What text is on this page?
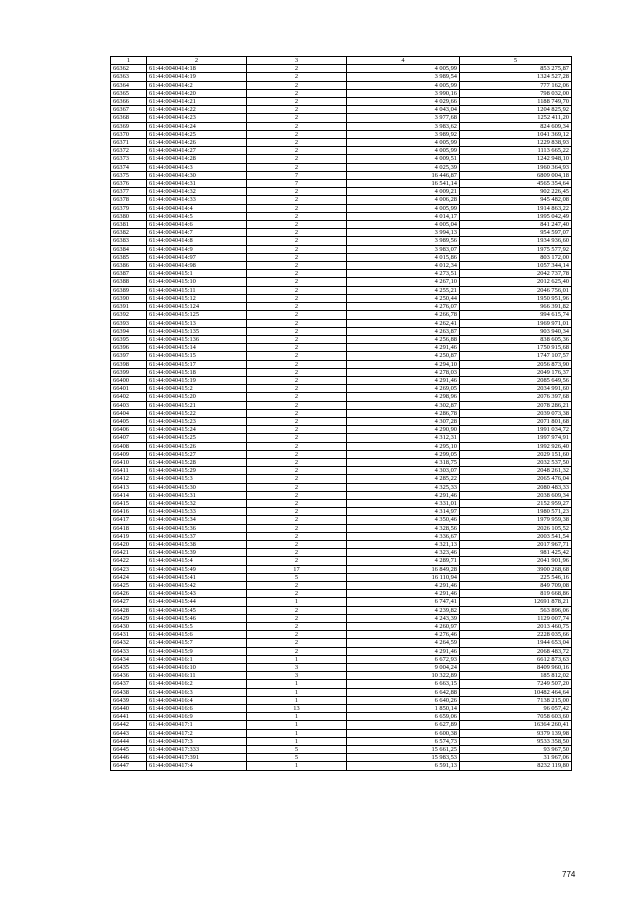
1	2	3	4	5
66362	61:44:0040414:18	2	4 005,99	853 275,87
66363	61:44:0040414:19	2	3 989,54	1324 527,28
66364	61:44:0040414:2	2	4 005,99	777 162,06
66365	61:44:0040414:20	2	3 990,16	798 032,00
66366	61:44:0040414:21	2	4 029,66	1188 749,70
66367	61:44:0040414:22	2	4 043,04	1204 825,92
66368	61:44:0040414:23	2	3 977,68	1252 411,20
66369	61:44:0040414:24	2	3 983,62	824 609,34
66370	61:44:0040414:25	2	3 989,92	1041 369,12
66371	61:44:0040414:26	2	4 005,99	1229 838,93
66372	61:44:0040414:27	2	4 005,99	1113 665,22
66373	61:44:0040414:28	2	4 009,51	1242 948,10
66374	61:44:0040414:3	2	4 025,39	1960 364,93
66375	61:44:0040414:30	7	16 446,87	6809 004,18
66376	61:44:0040414:31	7	16 541,14	4565 354,64
66377	61:44:0040414:32	2	4 009,21	902 226,45
66378	61:44:0040414:33	2	4 006,28	945 482,08
66379	61:44:0040414:4	2	4 005,99	1914 863,22
66380	61:44:0040414:5	2	4 014,17	1995 042,49
66381	61:44:0040414:6	2	4 005,04	841 247,40
66382	61:44:0040414:7	2	3 994,13	954 597,07
66383	61:44:0040414:8	2	3 989,56	1934 936,60
66384	61:44:0040414:9	2	3 983,07	1975 577,92
66385	61:44:0040414:97	2	4 015,86	803 172,00
66386	61:44:0040414:98	2	4 012,34	1057 344,14
66387	61:44:0040415:1	2	4 273,51	2042 737,78
66388	61:44:0040415:10	2	4 267,10	2012 625,40
66389	61:44:0040415:11	2	4 255,21	2046 756,01
66390	61:44:0040415:12	2	4 250,44	1950 951,96
66391	61:44:0040415:124	2	4 276,07	966 391,82
66392	61:44:0040415:125	2	4 266,78	994 615,74
66393	61:44:0040415:13	2	4 262,41	1969 971,01
66394	61:44:0040415:135	2	4 263,87	903 940,34
66395	61:44:0040415:136	2	4 256,88	838 605,36
66396	61:44:0040415:14	2	4 291,46	1750 915,68
66397	61:44:0040415:15	2	4 250,87	1747 107,57
66398	61:44:0040415:17	2	4 294,10	2056 873,90
66399	61:44:0040415:18	2	4 278,03	2049 176,37
66400	61:44:0040415:19	2	4 291,46	2085 649,56
66401	61:44:0040415:2	2	4 269,05	2034 991,60
66402	61:44:0040415:20	2	4 298,96	2076 397,68
66403	61:44:0040415:21	2	4 302,87	2078 286,21
66404	61:44:0040415:22	2	4 286,78	2039 073,38
66405	61:44:0040415:23	2	4 307,28	2071 801,68
66406	61:44:0040415:24	2	4 290,90	1991 034,72
66407	61:44:0040415:25	2	4 312,31	1997 974,91
66408	61:44:0040415:26	2	4 295,10	1992 926,40
66409	61:44:0040415:27	2	4 299,05	2029 151,60
66410	61:44:0040415:28	2	4 318,75	2032 537,50
66411	61:44:0040415:29	2	4 303,07	2048 261,32
66412	61:44:0040415:3	2	4 285,22	2065 476,04
66413	61:44:0040415:30	2	4 325,33	2080 483,33
66414	61:44:0040415:31	2	4 291,46	2038 609,34
66415	61:44:0040415:32	2	4 331,01	2152 959,27
66416	61:44:0040415:33	2	4 314,97	1980 571,23
66417	61:44:0040415:34	2	4 350,46	1979 959,38
66418	61:44:0040415:36	2	4 328,56	2026 105,52
66419	61:44:0040415:37	2	4 336,67	2003 541,54
66420	61:44:0040415:38	2	4 321,13	2017 967,71
66421	61:44:0040415:39	2	4 323,46	981 425,42
66422	61:44:0040415:4	2	4 289,71	2041 901,96
66423	61:44:0040415:49	17	16 849,28	3900 268,68
66424	61:44:0040415:41	5	16 110,94	225 546,16
66425	61:44:0040415:42	2	4 291,46	849 709,08
66426	61:44:0040415:43	2	4 291,46	819 668,86
66427	61:44:0040415:44	1	6 747,41	12691 878,21
66428	61:44:0040415:45	2	4 239,82	563 896,06
66429	61:44:0040415:46	2	4 243,39	1129 007,74
66430	61:44:0040415:5	2	4 260,97	2013 460,75
66431	61:44:0040415:6	2	4 276,46	2228 035,66
66432	61:44:0040415:7	2	4 264,59	1944 653,04
66433	61:44:0040415:9	2	4 291,46	2068 483,72
66434	61:44:0040416:1	1	6 672,93	6612 873,63
66435	61:44:0040416:10	3	9 004,24	8409 960,16
66436	61:44:0040416:11	3	10 322,89	185 812,02
66437	61:44:0040416:2	1	6 663,15	7249 507,20
66438	61:44:0040416:3	1	6 642,88	10482 464,64
66439	61:44:0040416:4	1	6 640,26	7138 215,00
66440	61:44:0040416:6	13	1 850,14	96 057,42
66441	61:44:0040416:9	1	6 659,06	7058 603,60
66442	61:44:0040417:1	1	6 627,89	16364 260,41
66443	61:44:0040417:2	1	6 600,38	9379 139,98
66444	61:44:0040417:3	1	6 574,73	9533 358,50
66445	61:44:0040417:333	5	15 661,25	93 967,50
66446	61:44:0040417:391	5	15 983,53	31 967,06
66447	61:44:0040417:4	1	6 591,13	8232 119,80
774
